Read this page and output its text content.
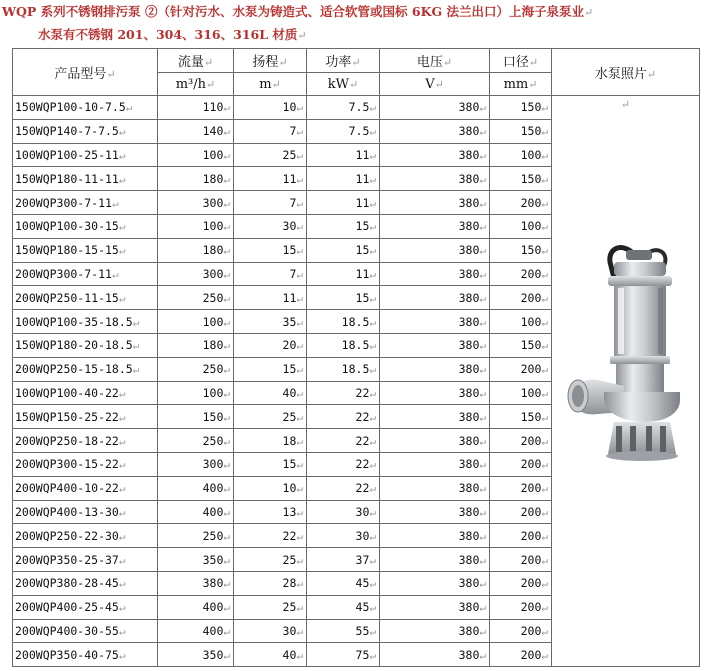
WQP 系列不锈钢排污泵 ②（针对污水、水泵为铸造式、适合软管或国标 6KG 法兰出口）上海子泉泵业↵
水泵有不锈钢 201、304、316、316L 材质↵
产品型号↵	流量↵	扬程↵	功率↵	电压↵	口径↵	水泵照片↵
	m³/h↵	m↵	kW↵	V↵	mm↵	
150WQP100-10-7.5↵	110↵	10↵	7.5↵	380↵	150↵	↵

150WQP140-7-7.5↵	140↵	7↵	7.5↵	380↵	150↵	
100WQP100-25-11↵	100↵	25↵	11↵	380↵	100↵	
150WQP180-11-11↵	180↵	11↵	11↵	380↵	150↵	
200WQP300-7-11↵	300↵	7↵	11↵	380↵	200↵	
100WQP100-30-15↵	100↵	30↵	15↵	380↵	100↵	
150WQP180-15-15↵	180↵	15↵	15↵	380↵	150↵	
200WQP300-7-11↵	300↵	7↵	11↵	380↵	200↵	
200WQP250-11-15↵	250↵	11↵	15↵	380↵	200↵	
100WQP100-35-18.5↵	100↵	35↵	18.5↵	380↵	100↵	
150WQP180-20-18.5↵	180↵	20↵	18.5↵	380↵	150↵	
200WQP250-15-18.5↵	250↵	15↵	18.5↵	380↵	200↵	
100WQP100-40-22↵	100↵	40↵	22↵	380↵	100↵	
150WQP150-25-22↵	150↵	25↵	22↵	380↵	150↵	
200WQP250-18-22↵	250↵	18↵	22↵	380↵	200↵	
200WQP300-15-22↵	300↵	15↵	22↵	380↵	200↵	
200WQP400-10-22↵	400↵	10↵	22↵	380↵	200↵	
200WQP400-13-30↵	400↵	13↵	30↵	380↵	200↵	
200WQP250-22-30↵	250↵	22↵	30↵	380↵	200↵	
200WQP350-25-37↵	350↵	25↵	37↵	380↵	200↵	
200WQP380-28-45↵	380↵	28↵	45↵	380↵	200↵	
200WQP400-25-45↵	400↵	25↵	45↵	380↵	200↵	
200WQP400-30-55↵	400↵	30↵	55↵	380↵	200↵	
200WQP350-40-75↵	350↵	40↵	75↵	380↵	200↵	
